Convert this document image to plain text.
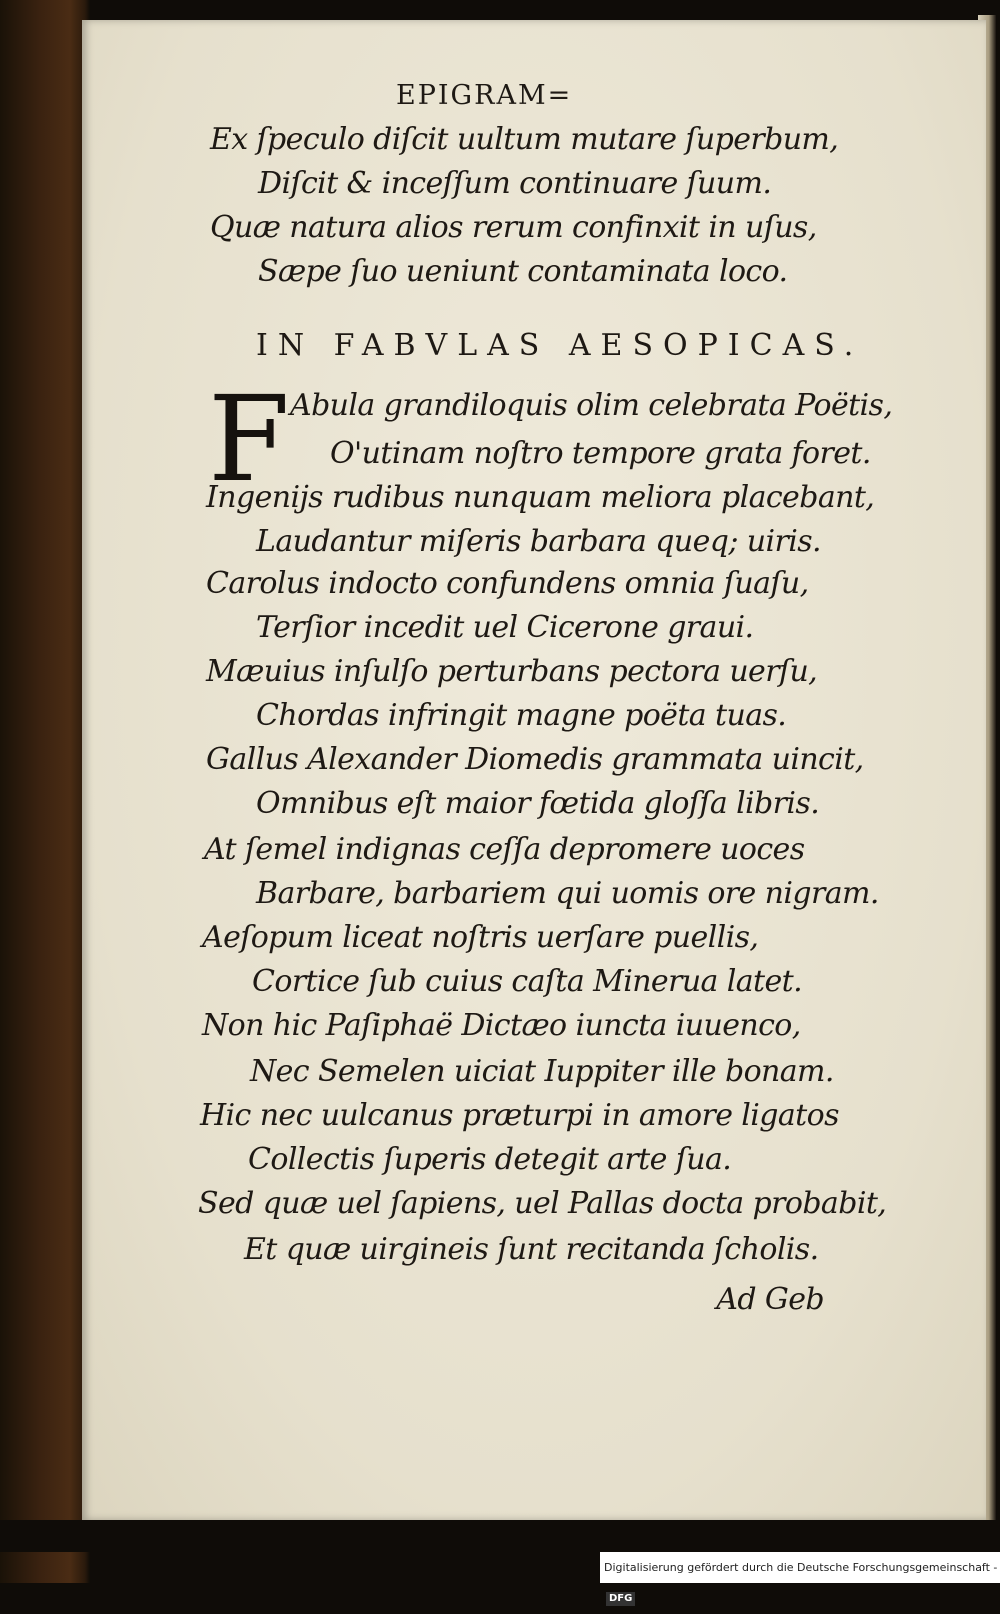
EPIGRAM=
Ex ſpeculo diſcit uultum mutare ſuperbum,
Diſcit & inceſſum continuare ſuum.
Quæ natura alios rerum confinxit in uſus,
Sæpe ſuo ueniunt contaminata loco.
IN FABVLAS AESOPICAS.
F Abula grandiloquis olim celebrata Poëtis,
O'utinam noſtro tempore grata foret.
Ingenijs rudibus nunquam meliora placebant,
Laudantur miſeris barbara queq; uiris.
Carolus indocto confundens omnia ſuaſu,
Terſior incedit uel Cicerone graui.
Mæuius inſulſo perturbans pectora uerſu,
Chordas infringit magne poëta tuas.
Gallus Alexander Diomedis grammata uincit,
Omnibus eſt maior fœtida gloſſa libris.
At ſemel indignas ceſſa depromere uoces
Barbare, barbariem qui uomis ore nigram.
Aeſopum liceat noſtris uerſare puellis,
Cortice ſub cuius caſta Minerua latet.
Non hic Paſiphaë Dictæo iuncta iuuenco,
Nec Semelen uiciat Iuppiter ille bonam.
Hic nec uulcanus præturpi in amore ligatos
Collectis ſuperis detegit arte ſua.
Sed quæ uel ſapiens, uel Pallas docta probabit,
Et quæ uirgineis ſunt recitanda ſcholis.
Ad Geb
Digitalisierung gefördert durch die Deutsche Forschungsgemeinschaft - DFG
